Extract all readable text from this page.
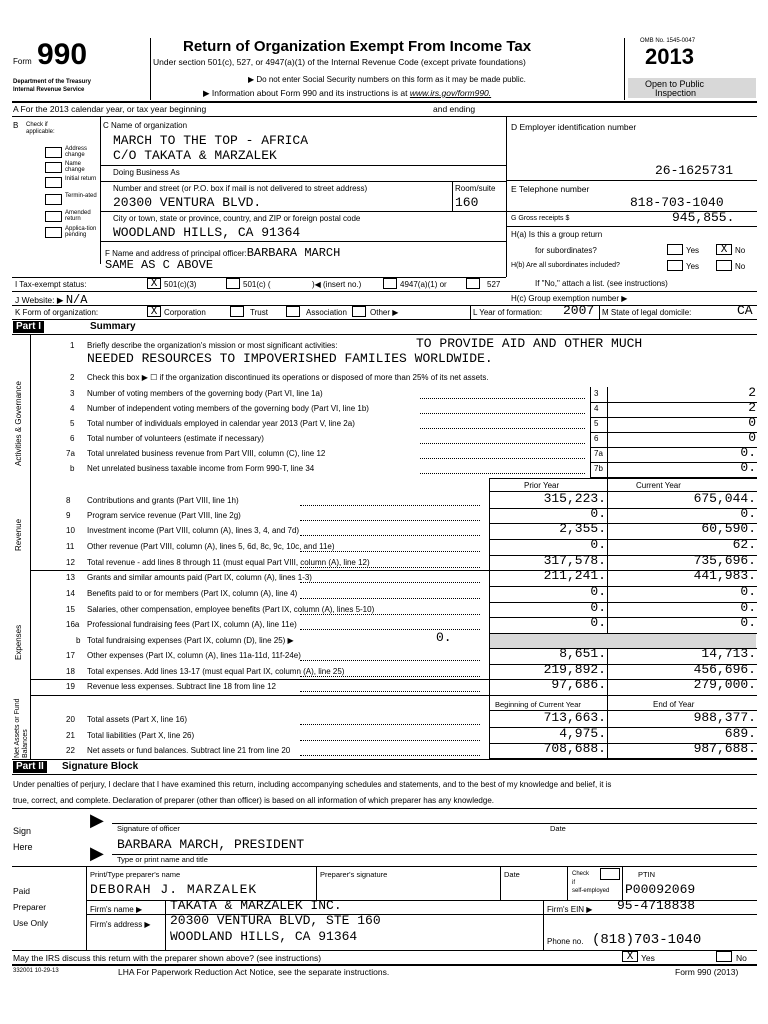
Form 990
Department of the Treasury
Internal Revenue Service
Return of Organization Exempt From Income Tax
Under section 501(c), 527, or 4947(a)(1) of the Internal Revenue Code (except private foundations)
▶ Do not enter Social Security numbers on this form as it may be made public.
▶ Information about Form 990 and its instructions is at www.irs.gov/form990.
OMB No. 1545-0047
2013
Open to Public
Inspection
A For the 2013 calendar year, or tax year beginning	and ending
B Check if applicable:
Address change
Name change
Initial return
Termin-ated
Amended return
Applica-tion pending
C Name of organization
MARCH TO THE TOP - AFRICA
C/O TAKATA & MARZALEK
Doing Business As
Number and street (or P.O. box if mail is not delivered to street address)	Room/suite
20300 VENTURA BLVD.	160
City or town, state or province, country, and ZIP or foreign postal code
WOODLAND HILLS, CA 91364
F Name and address of principal officer:BARBARA MARCH
SAME AS C ABOVE
D Employer identification number
26-1625731
E Telephone number
818-703-1040
G Gross receipts $	945,855.
H(a) Is this a group return
for subordinates?	Yes	X No
H(b) Are all subordinates included?	Yes	No
If "No," attach a list. (see instructions)
I Tax-exempt status:	X 501(c)(3)	501(c) (	)◀ (insert no.)	4947(a)(1) or	527
J Website: ▶ N/A	H(c) Group exemption number ▶
K Form of organization:	X Corporation	Trust	Association	Other ▶	L Year of formation: 2007 M State of legal domicile:	CA
Part I	Summary
Activities & Governance
Revenue
Expenses
Net Assets or Fund Balances
1 Briefly describe the organization's mission or most significant activities:	TO PROVIDE AID AND OTHER MUCH
NEEDED RESOURCES TO IMPOVERISHED FAMILIES WORLDWIDE.
2 Check this box ▶ ☐ if the organization discontinued its operations or disposed of more than 25% of its net assets.
3 Number of voting members of the governing body (Part VI, line 1a)	3	2
4 Number of independent voting members of the governing body (Part VI, line 1b)	4	2
5 Total number of individuals employed in calendar year 2013 (Part V, line 2a)	5	0
6 Total number of volunteers (estimate if necessary)	6	0
7a Total unrelated business revenue from Part VIII, column (C), line 12	7a	0.
b Net unrelated business taxable income from Form 990-T, line 34	7b	0.
Prior Year	Current Year
8 Contributions and grants (Part VIII, line 1h)	315,223.	675,044.
9 Program service revenue (Part VIII, line 2g)	0.	0.
10 Investment income (Part VIII, column (A), lines 3, 4, and 7d)	2,355.	60,590.
11 Other revenue (Part VIII, column (A), lines 5, 6d, 8c, 9c, 10c, and 11e)	0.	62.
12 Total revenue - add lines 8 through 11 (must equal Part VIII, column (A), line 12)	317,578.	735,696.
13 Grants and similar amounts paid (Part IX, column (A), lines 1-3)	211,241.	441,983.
14 Benefits paid to or for members (Part IX, column (A), line 4)	0.	0.
15 Salaries, other compensation, employee benefits (Part IX, column (A), lines 5-10)	0.	0.
16a Professional fundraising fees (Part IX, column (A), line 11e)	0.	0.
b Total fundraising expenses (Part IX, column (D), line 25) ▶	0.
17 Other expenses (Part IX, column (A), lines 11a-11d, 11f-24e)	8,651.	14,713.
18 Total expenses. Add lines 13-17 (must equal Part IX, column (A), line 25)	219,892.	456,696.
19 Revenue less expenses. Subtract line 18 from line 12	97,686.	279,000.
Beginning of Current Year	End of Year
20 Total assets (Part X, line 16)	713,663.	988,377.
21 Total liabilities (Part X, line 26)	4,975.	689.
22 Net assets or fund balances. Subtract line 21 from line 20	708,688.	987,688.
Part II	Signature Block
Under penalties of perjury, I declare that I have examined this return, including accompanying schedules and statements, and to the best of my knowledge and belief, it is
true, correct, and complete. Declaration of preparer (other than officer) is based on all information of which preparer has any knowledge.
Sign
Here
▶
▶
Signature of officer	Date
BARBARA MARCH, PRESIDENT
Type or print name and title
Paid
Preparer
Use Only
Print/Type preparer's name	Preparer's signature	Date	Check
if
self-employed
PTIN
DEBORAH J. MARZALEK	P00092069
Firm's name ▶ TAKATA & MARZALEK INC.	Firm's EIN ▶ 95-4718838
Firm's address ▶ 20300 VENTURA BLVD, STE 160
WOODLAND HILLS, CA 91364	Phone no. (818)703-1040
May the IRS discuss this return with the preparer shown above? (see instructions)	X Yes	No
332001 10-29-13	LHA For Paperwork Reduction Act Notice, see the separate instructions.	Form 990 (2013)
